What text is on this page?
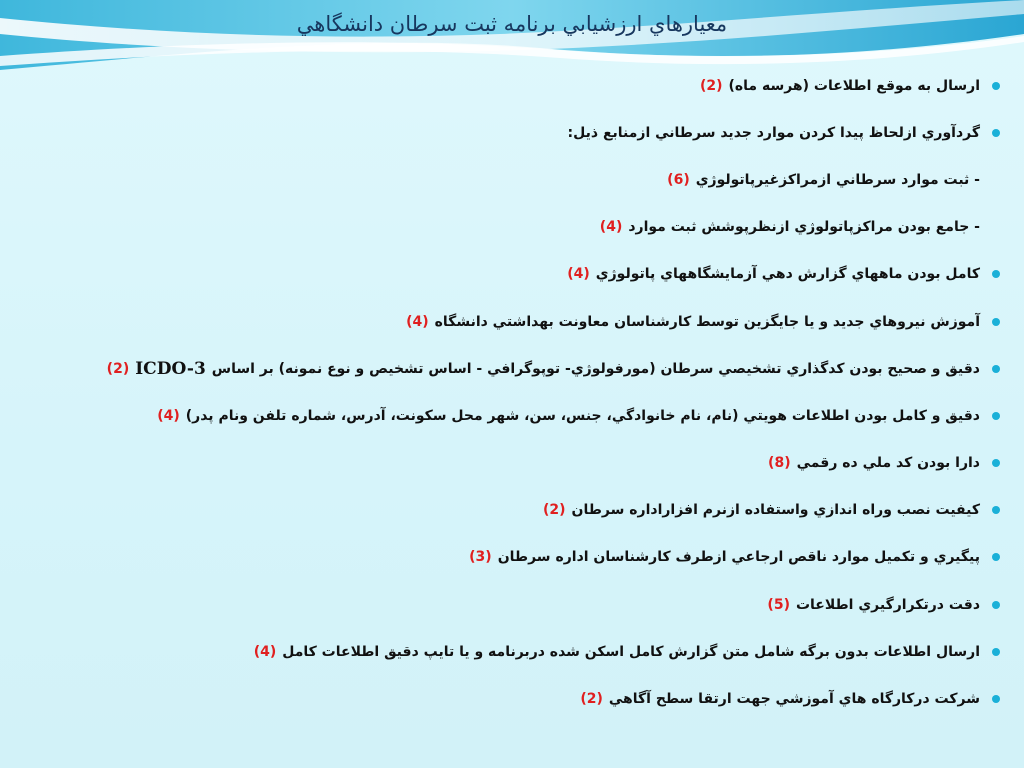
معيارهاي ارزشيابي برنامه ثبت سرطان دانشگاهي
ارسال به موقع اطلاعات (هرسه ماه)
(2)
گردآوري ازلحاظ پيدا كردن موارد جديد سرطاني ازمنابع ذيل:
- ثبت موارد سرطاني ازمراكزغيرپاتولوژي
(6)
- جامع بودن مراكزپاتولوژي ازنظرپوشش ثبت موارد
(4)
كامل بودن ماههاي گزارش دهي آزمايشگاههاي پاتولوژي
(4)
آموزش نيروهاي جديد و يا جايگزين توسط كارشناسان معاونت بهداشتي دانشگاه
(4)
دقيق و صحيح بودن كدگذاري تشخيصي سرطان (مورفولوژي- توپوگرافي - اساس تشخيص و نوع نمونه) بر اساس
ICDO-3
(2)
دقيق و كامل بودن اطلاعات هويتي (نام، نام خانوادگي، جنس، سن، شهر محل سكونت، آدرس، شماره تلفن ونام پدر)
(4)
دارا بودن كد ملي ده رقمي
(8)
كيفيت نصب وراه اندازي واستفاده ازنرم افزاراداره سرطان
(2)
پيگيري و تكميل موارد ناقص ارجاعي ازطرف كارشناسان اداره سرطان
(3)
دقت درتكرارگيري اطلاعات
(5)
ارسال اطلاعات بدون برگه شامل متن گزارش كامل اسكن شده دربرنامه و يا تايپ دقيق اطلاعات كامل
(4)
شركت دركارگاه هاي آموزشي جهت ارتقا سطح آگاهي
(2)
